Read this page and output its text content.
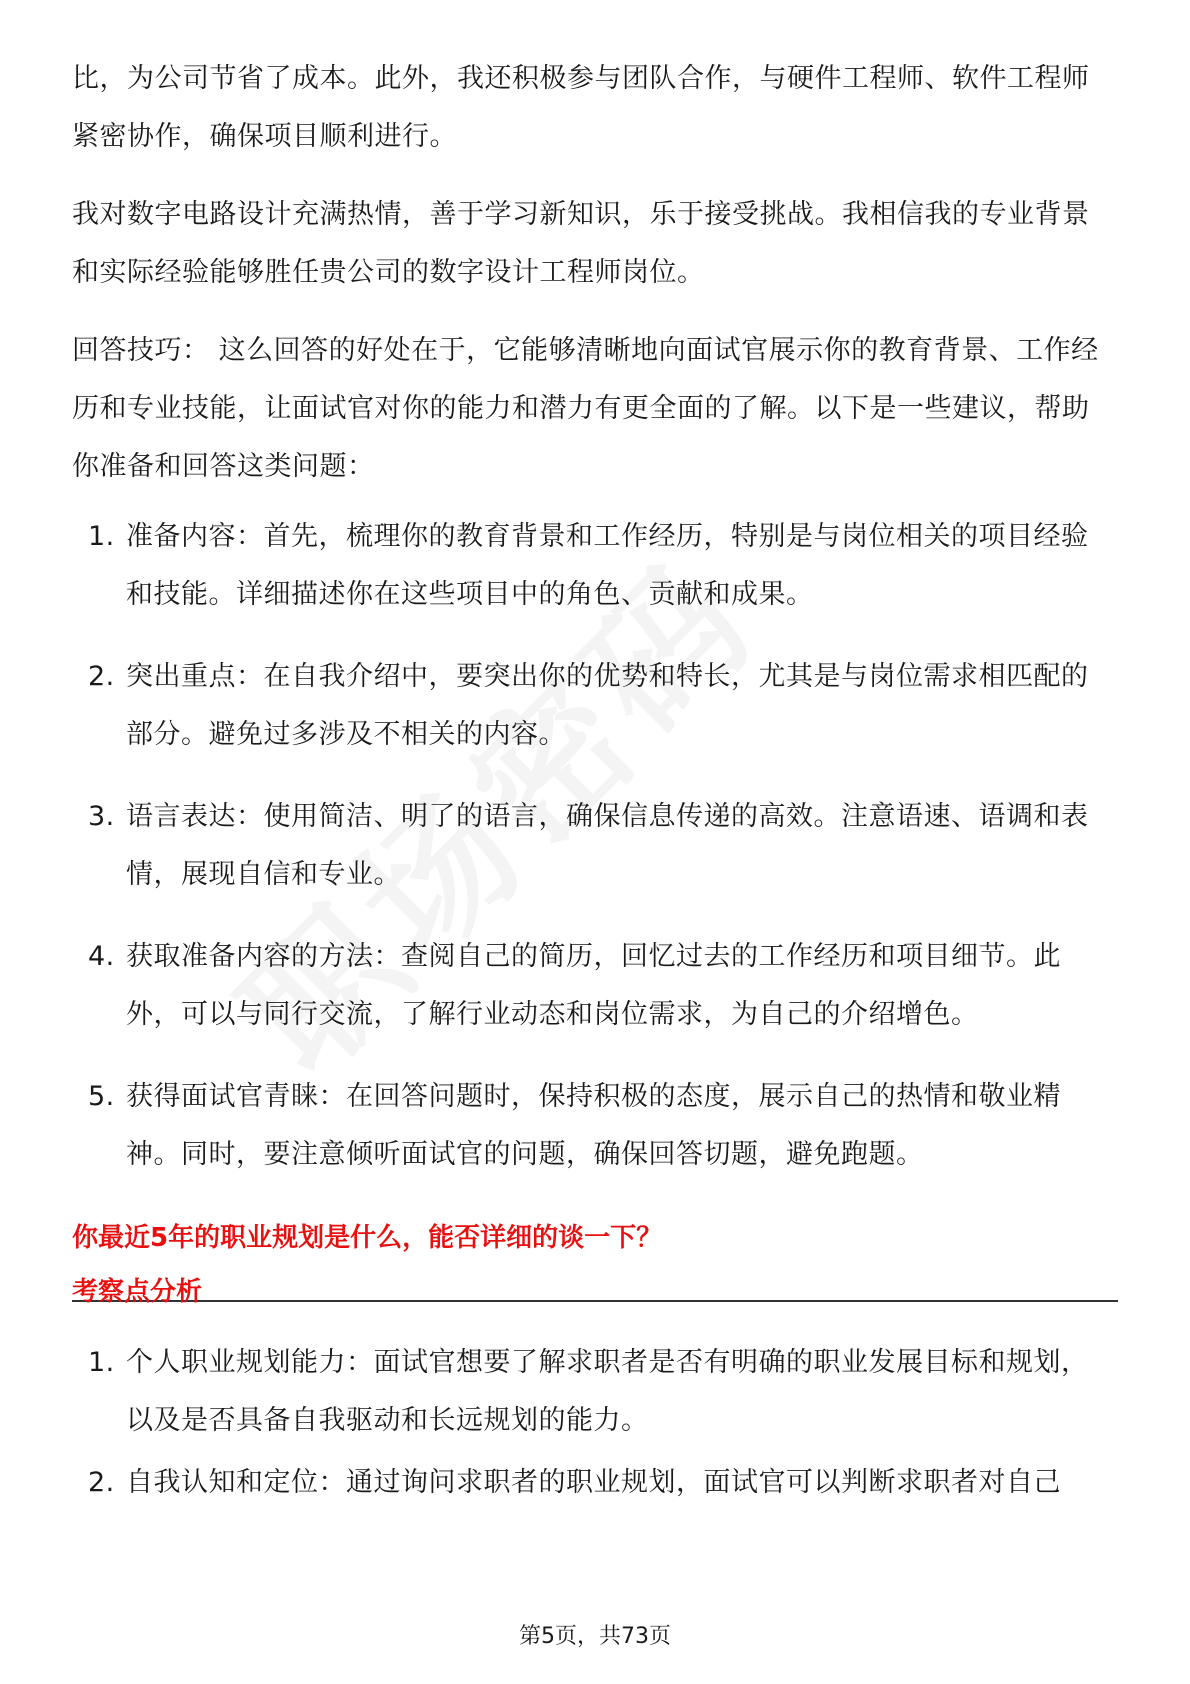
比，为公司节省了成本。此外，我还积极参与团队合作，与硬件工程师、软件工程师紧密协作，确保项目顺利进行。

我对数字电路设计充满热情，善于学习新知识，乐于接受挑战。我相信我的专业背景和实际经验能够胜任贵公司的数字设计工程师岗位。

回答技巧： 这么回答的好处在于，它能够清晰地向面试官展示你的教育背景、工作经历和专业技能，让面试官对你的能力和潜力有更全面的了解。以下是一些建议，帮助你准备和回答这类问题：

1. 准备内容：首先，梳理你的教育背景和工作经历，特别是与岗位相关的项目经验和技能。详细描述你在这些项目中的角色、贡献和成果。
2. 突出重点：在自我介绍中，要突出你的优势和特长，尤其是与岗位需求相匹配的部分。避免过多涉及不相关的内容。
3. 语言表达：使用简洁、明了的语言，确保信息传递的高效。注意语速、语调和表情，展现自信和专业。
4. 获取准备内容的方法：查阅自己的简历，回忆过去的工作经历和项目细节。此外，可以与同行交流，了解行业动态和岗位需求，为自己的介绍增色。
5. 获得面试官青睐：在回答问题时，保持积极的态度，展示自己的热情和敬业精神。同时，要注意倾听面试官的问题，确保回答切题，避免跑题。
你最近5年的职业规划是什么，能否详细的谈一下？
考察点分析
1. 个人职业规划能力：面试官想要了解求职者是否有明确的职业发展目标和规划，以及是否具备自我驱动和长远规划的能力。
2. 自我认知和定位：通过询问求职者的职业规划，面试官可以判断求职者对自己
第5页，共73页
